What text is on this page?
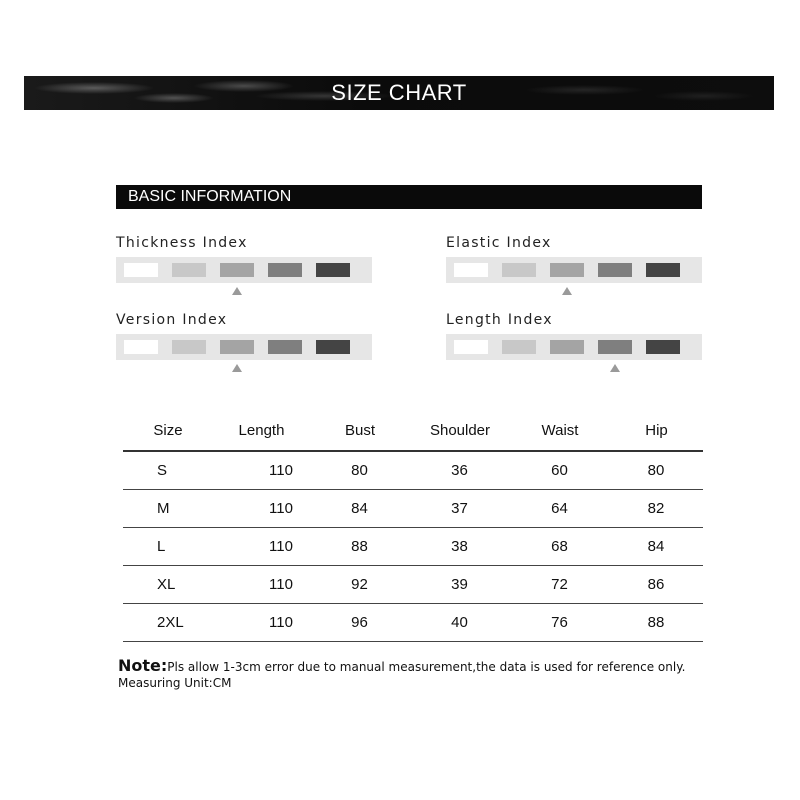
SIZE CHART
BASIC INFORMATION
Thickness Index	Elastic Index
Version Index	Length Index
Size	Length	Bust	Shoulder	Waist	Hip
S	110	80	36	60	80
M	110	84	37	64	82
L	110	88	38	68	84
XL	110	92	39	72	86
2XL	110	96	40	76	88
Note:Pls allow 1-3cm error due to manual measurement,the data is used for reference only.
Measuring Unit:CM
